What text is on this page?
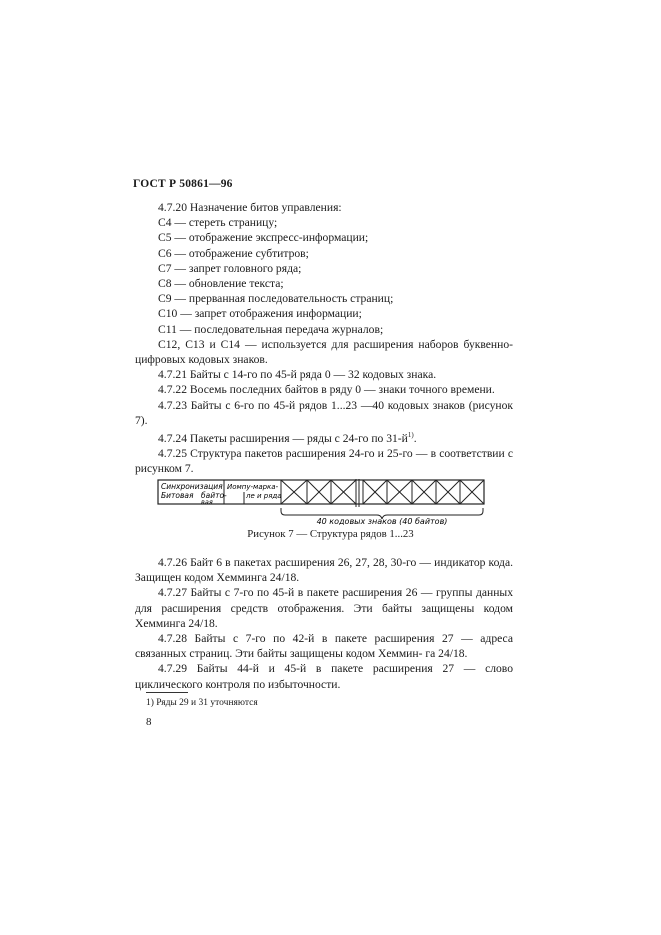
ГОСТ Р 50861—96

4.7.20 Назначение битов управления:

C4 — стереть страницу;

C5 — отображение экспресс-информации;

C6 — отображение субтитров;

C7 — запрет головного ряда;

C8 — обновление текста;

C9 — прерванная последовательность страниц;

C10 — запрет отображения информации;

C11 — последовательная передача журналов;

C12, C13 и C14 — используется для расширения наборов буквенно-цифровых кодовых знаков.

4.7.21 Байты с 14-го по 45-й ряда 0 — 32 кодовых знака.

4.7.22 Восемь последних байтов в ряду 0 — знаки точного времени.

4.7.23 Байты с 6-го по 45-й рядов 1...23 —40 кодовых знаков (рисунок 7).

4.7.24 Пакеты расширения — ряды с 24-го по $31-й^{1)}$.

4.7.25 Структура пакетов расширения 24-го и 25-го — в соответствии с рисунком 7.

Синхронизация
Битовая байто-
вая
Иомпу-марка-
ле и ряда
40 кодовых знаков (40 байтов)
Рисунок 7 — Структура рядов 1...23

4.7.26 Байт 6 в пакетах расширения 26, 27, 28, 30-го — индикатор кода. Защищен кодом Хемминга 24/18.

4.7.27 Байты с 7-го по 45-й в пакете расширения 26 — группы данных для расширения средств отображения. Эти байты защищены кодом Хемминга 24/18.

4.7.28 Байты с 7-го по 42-й в пакете расширения 27 — адреса связанных страниц. Эти байты защищены кодом Хеммин- га 24/18.

4.7.29 Байты 44-й и 45-й в пакете расширения 27 — слово циклического контроля по избыточности.

1) Ряды 29 и 31 уточняются
8
